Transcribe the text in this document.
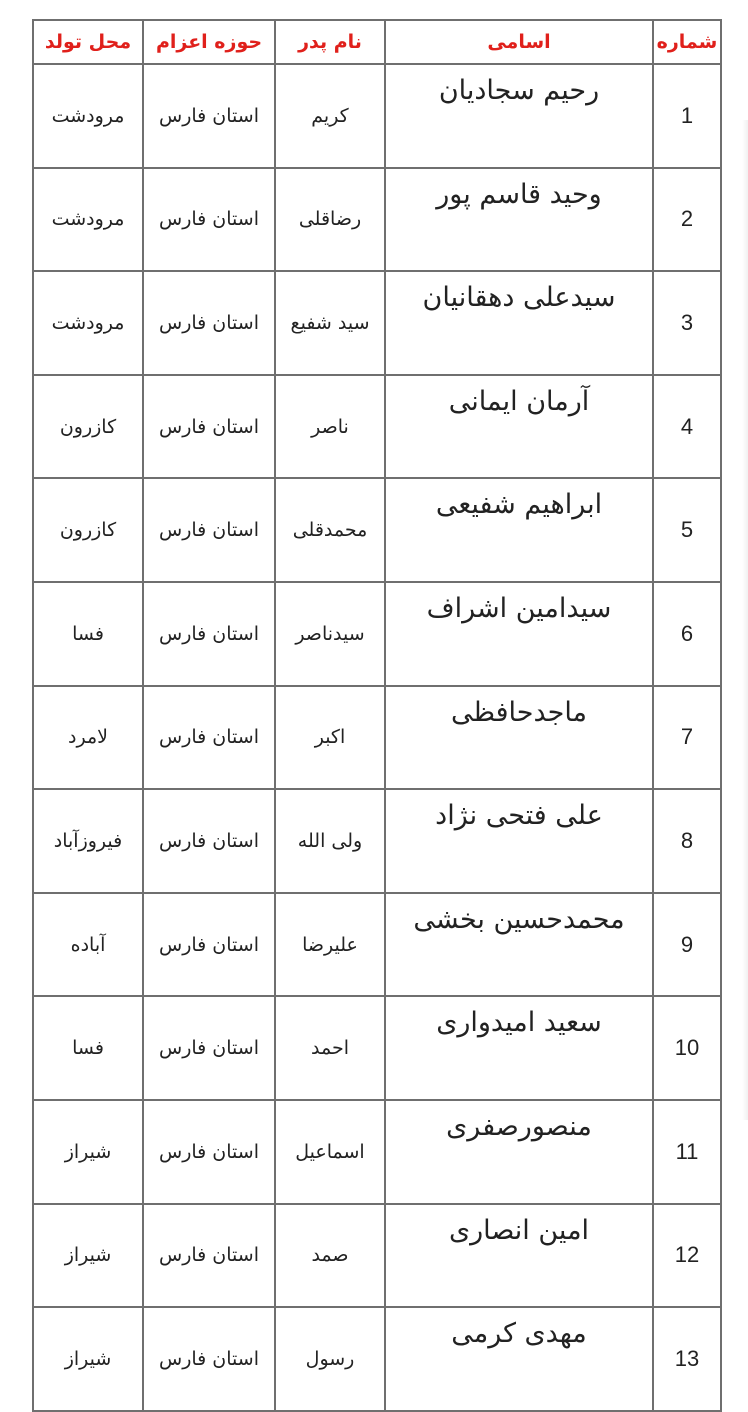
شماره	اسامی	نام پدر	حوزه اعزام	محل تولد
1	رحیم سجادیان	کریم	استان فارس	مرودشت
2	وحید قاسم پور	رضاقلی	استان فارس	مرودشت
3	سیدعلی دهقانیان	سید شفیع	استان فارس	مرودشت
4	آرمان ایمانی	ناصر	استان فارس	کازرون
5	ابراهیم شفیعی	محمدقلی	استان فارس	کازرون
6	سیدامین اشراف	سیدناصر	استان فارس	فسا
7	ماجدحافظی	اکبر	استان فارس	لامرد
8	علی فتحی نژاد	ولی الله	استان فارس	فیروزآباد
9	محمدحسین بخشی	علیرضا	استان فارس	آباده
10	سعید امیدواری	احمد	استان فارس	فسا
11	منصورصفری	اسماعیل	استان فارس	شیراز
12	امین انصاری	صمد	استان فارس	شیراز
13	مهدی کرمی	رسول	استان فارس	شیراز
